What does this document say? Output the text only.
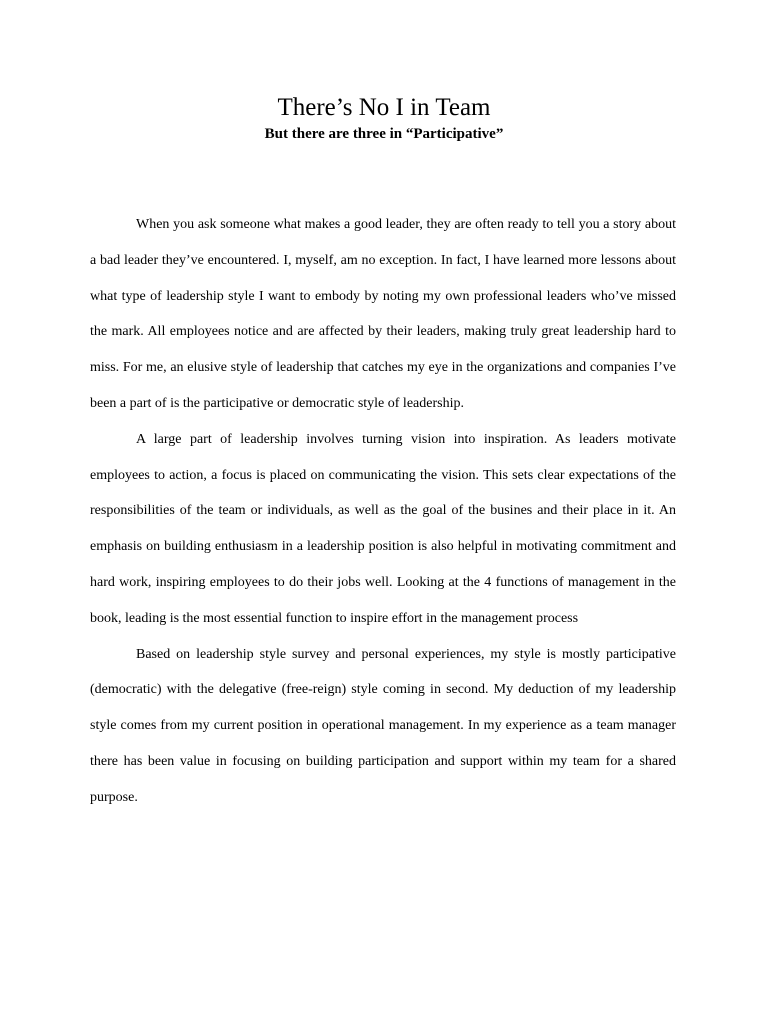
There’s No I in Team
But there are three in “Participative”

When you ask someone what makes a good leader, they are often ready to tell you a story about a bad leader they’ve encountered. I, myself, am no exception. In fact, I have learned more lessons about what type of leadership style I want to embody by noting my own professional leaders who’ve missed the mark. All employees notice and are affected by their leaders, making truly great leadership hard to miss. For me, an elusive style of leadership that catches my eye in the organizations and companies I’ve been a part of is the participative or democratic style of leadership.

A large part of leadership involves turning vision into inspiration. As leaders motivate employees to action, a focus is placed on communicating the vision. This sets clear expectations of the responsibilities of the team or individuals, as well as the goal of the busines and their place in it. An emphasis on building enthusiasm in a leadership position is also helpful in motivating commitment and hard work, inspiring employees to do their jobs well. Looking at the 4 functions of management in the book, leading is the most essential function to inspire effort in the management process

Based on leadership style survey and personal experiences, my style is mostly participative (democratic) with the delegative (free-reign) style coming in second. My deduction of my leadership style comes from my current position in operational management. In my experience as a team manager there has been value in focusing on building participation and support within my team for a shared purpose.
